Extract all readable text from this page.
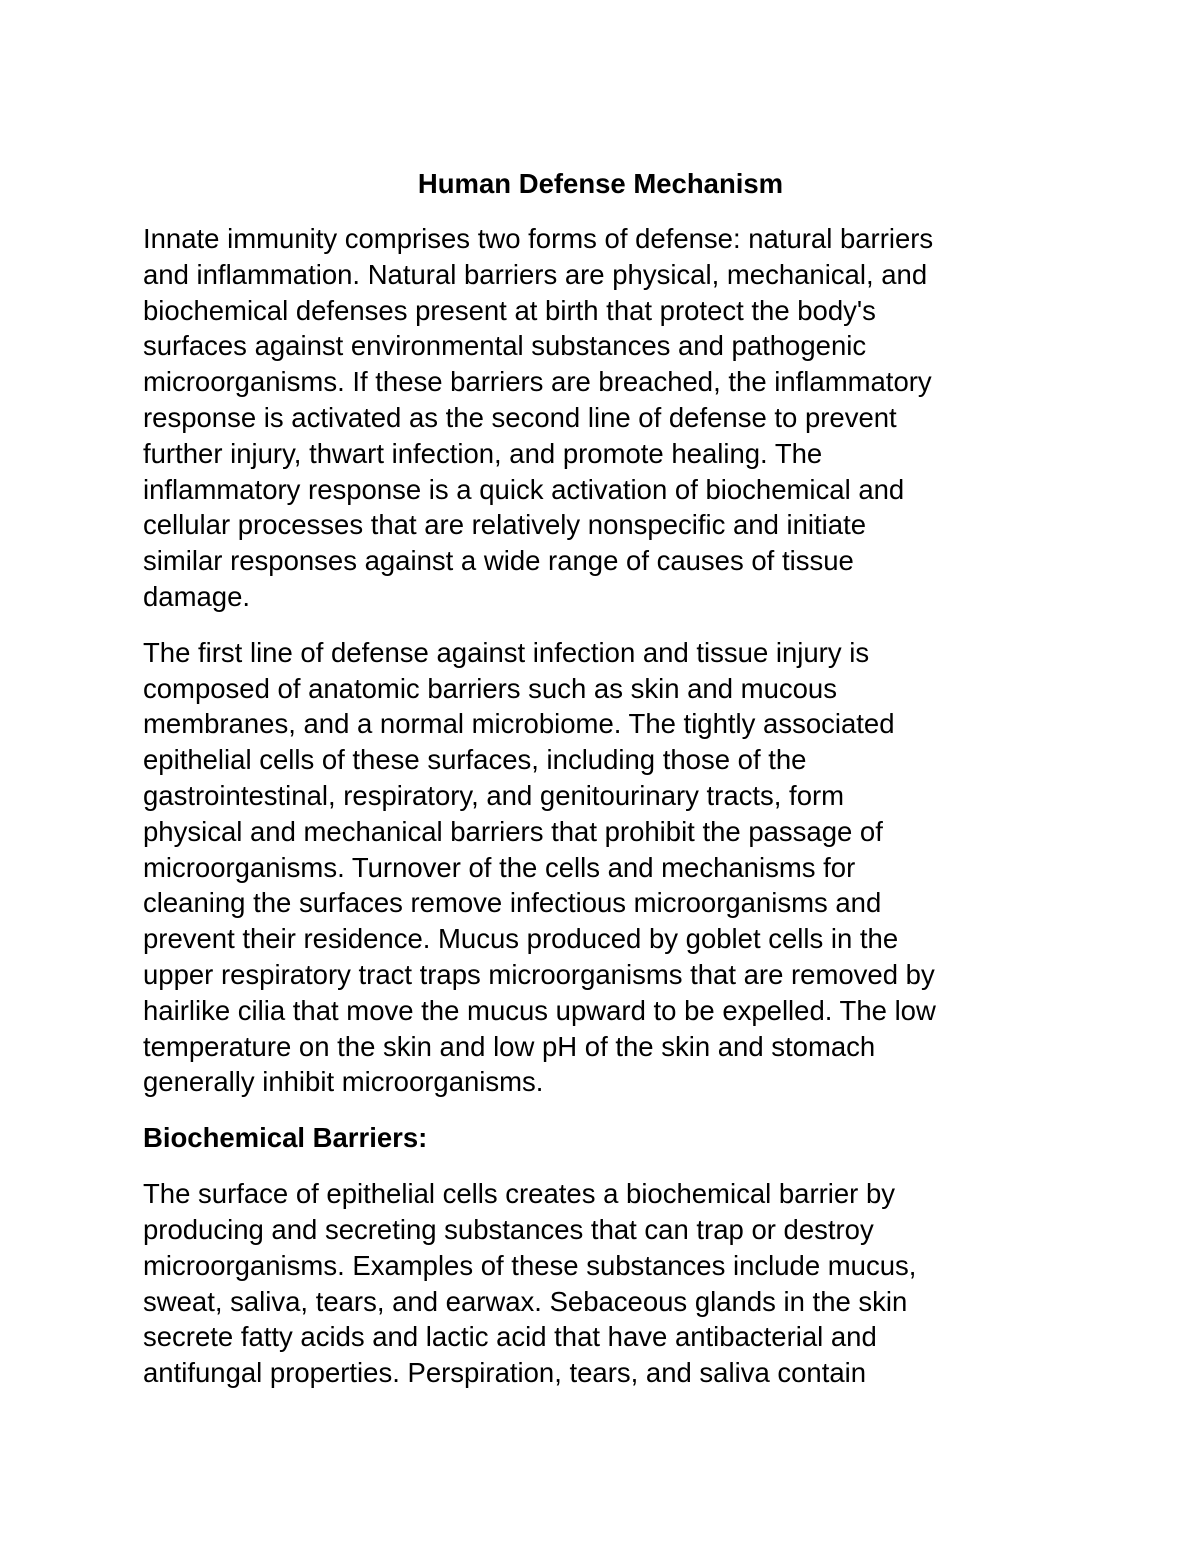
Human Defense Mechanism
Innate immunity comprises two forms of defense: natural barriers
and inflammation. Natural barriers are physical, mechanical, and
biochemical defenses present at birth that protect the body's
surfaces against environmental substances and pathogenic
microorganisms. If these barriers are breached, the inflammatory
response is activated as the second line of defense to prevent
further injury, thwart infection, and promote healing. The
inflammatory response is a quick activation of biochemical and
cellular processes that are relatively nonspecific and initiate
similar responses against a wide range of causes of tissue
damage.
The first line of defense against infection and tissue injury is
composed of anatomic barriers such as skin and mucous
membranes, and a normal microbiome. The tightly associated
epithelial cells of these surfaces, including those of the
gastrointestinal, respiratory, and genitourinary tracts, form
physical and mechanical barriers that prohibit the passage of
microorganisms. Turnover of the cells and mechanisms for
cleaning the surfaces remove infectious microorganisms and
prevent their residence. Mucus produced by goblet cells in the
upper respiratory tract traps microorganisms that are removed by
hairlike cilia that move the mucus upward to be expelled. The low
temperature on the skin and low pH of the skin and stomach
generally inhibit microorganisms.
Biochemical Barriers:
The surface of epithelial cells creates a biochemical barrier by
producing and secreting substances that can trap or destroy
microorganisms. Examples of these substances include mucus,
sweat, saliva, tears, and earwax. Sebaceous glands in the skin
secrete fatty acids and lactic acid that have antibacterial and
antifungal properties. Perspiration, tears, and saliva contain
